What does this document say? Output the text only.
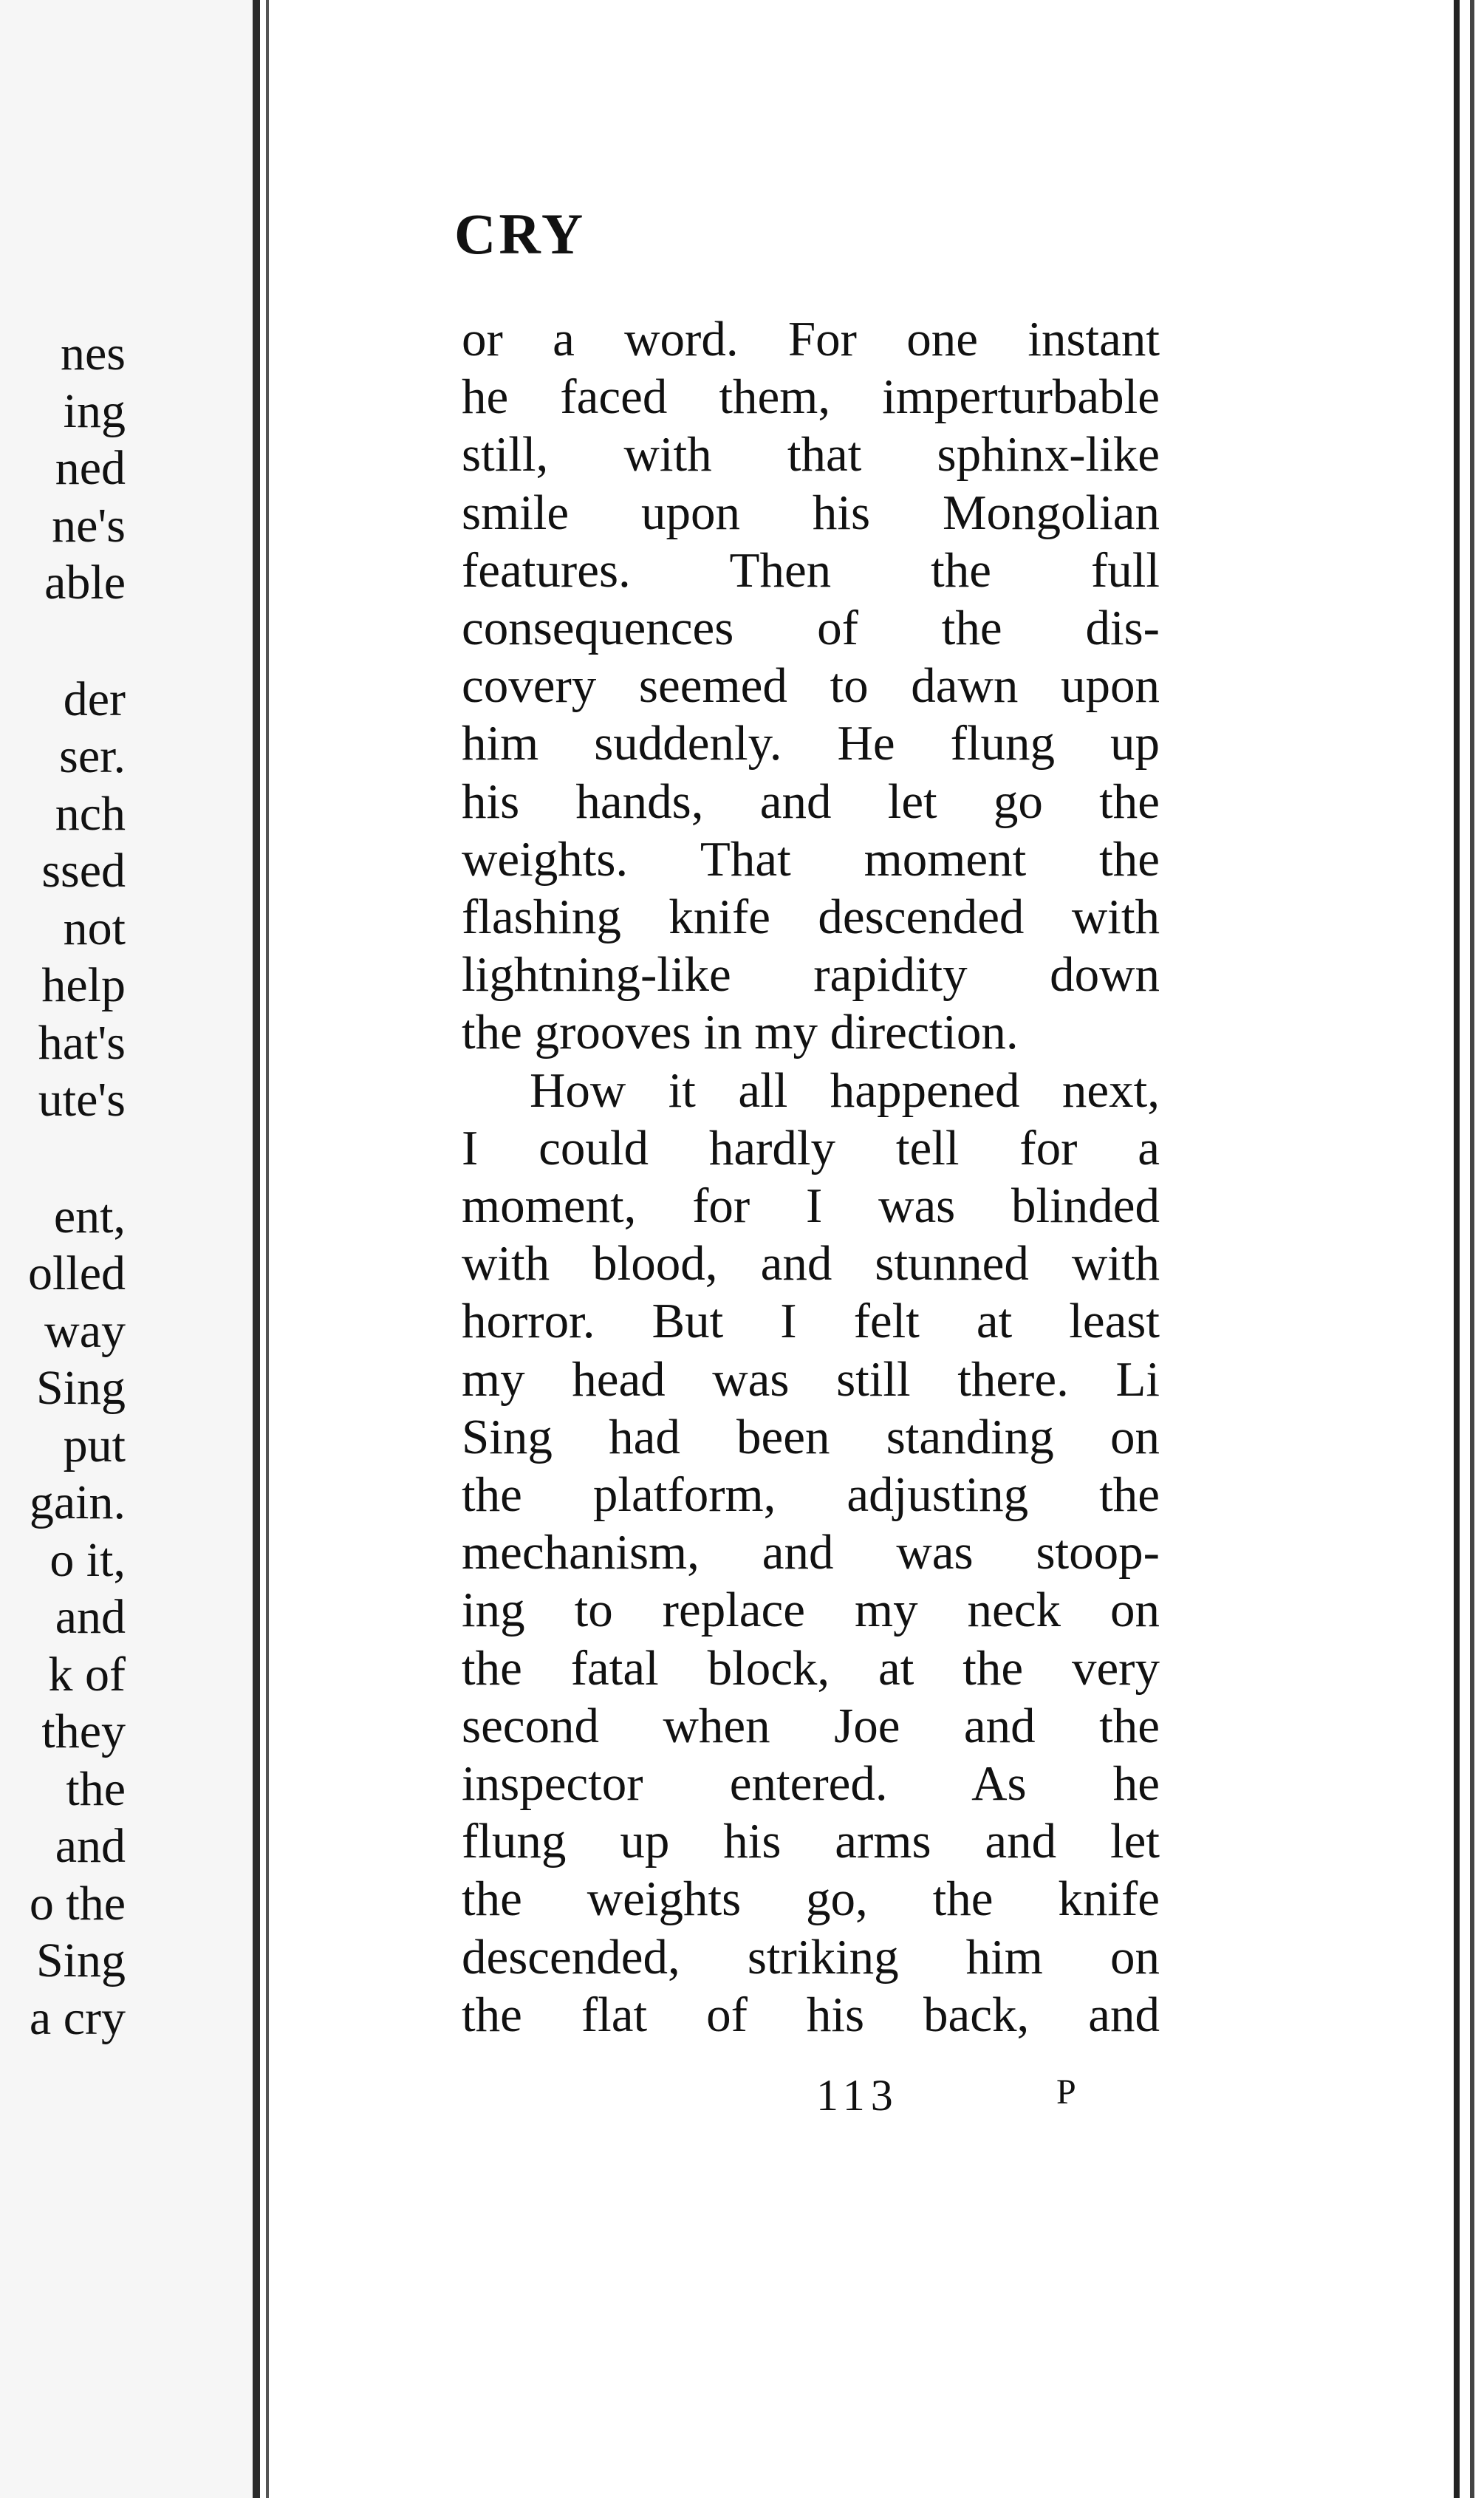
nes
ing
ned
ne's
able
der
ser.
nch
ssed
not
help
hat's
ute's
ent,
olled
way
Sing
put
gain.
o it,
and
k of
they
the
and
o the
Sing
a cry
CRY
or a word. For one instant
he faced them, imperturbable
still, with that sphinx-like
smile upon his Mongolian
features. Then the full
consequences of the dis-
covery seemed to dawn upon
him suddenly. He flung up
his hands, and let go the
weights. That moment the
flashing knife descended with
lightning-like rapidity down
the grooves in my direction.
How it all happened next,
I could hardly tell for a
moment, for I was blinded
with blood, and stunned with
horror. But I felt at least
my head was still there. Li
Sing had been standing on
the platform, adjusting the
mechanism, and was stoop-
ing to replace my neck on
the fatal block, at the very
second when Joe and the
inspector entered. As he
flung up his arms and let
the weights go, the knife
descended, striking him on
the flat of his back, and
113	P
